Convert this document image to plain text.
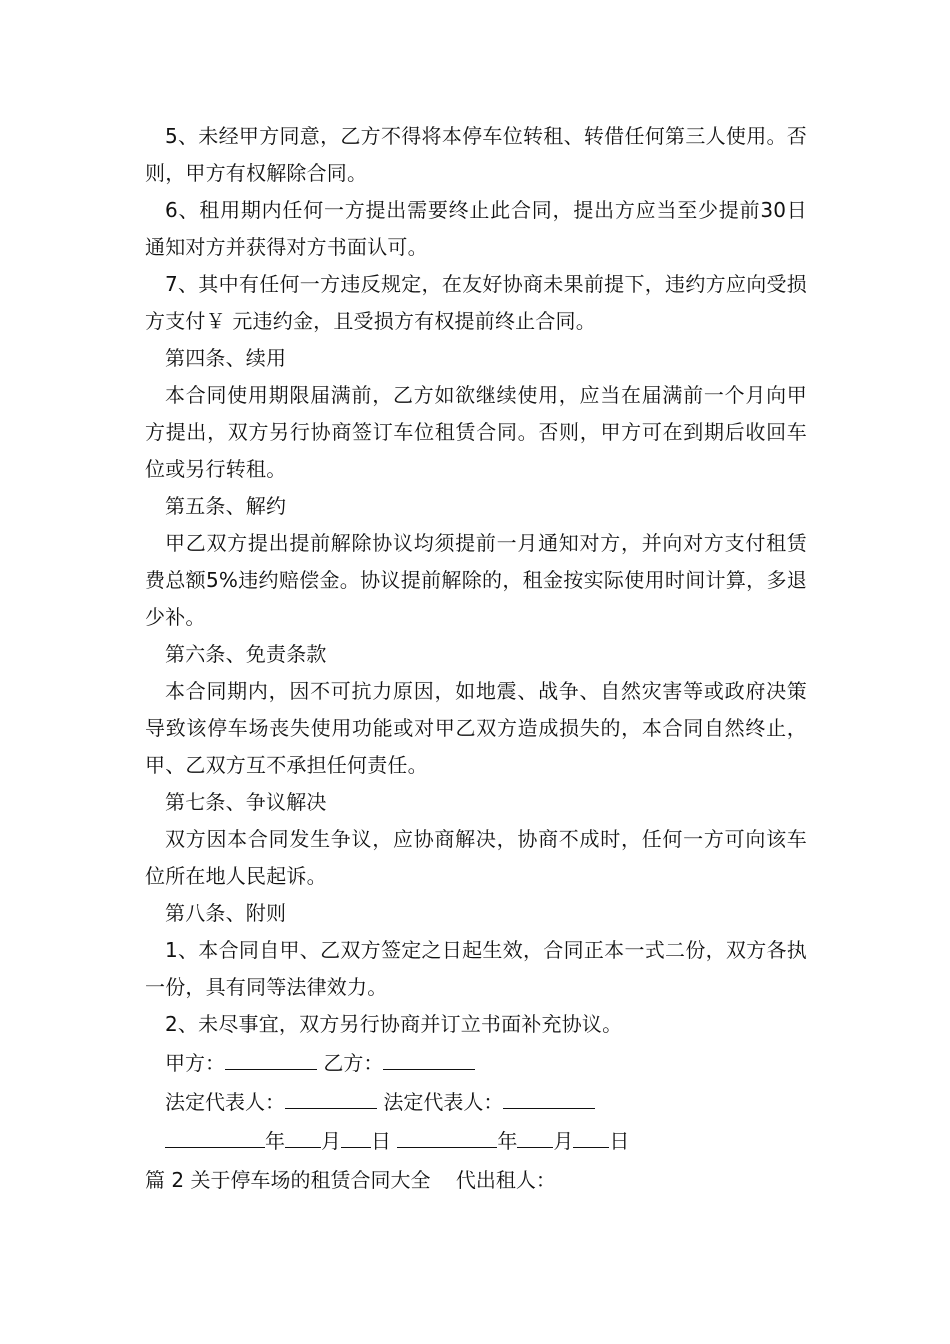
5、未经甲方同意，乙方不得将本停车位转租、转借任何第三人使用。否则，甲方有权解除合同。

6、租用期内任何一方提出需要终止此合同，提出方应当至少提前30日通知对方并获得对方书面认可。

7、其中有任何一方违反规定，在友好协商未果前提下，违约方应向受损方支付￥ 元违约金，且受损方有权提前终止合同。

第四条、续用

本合同使用期限届满前，乙方如欲继续使用，应当在届满前一个月向甲方提出，双方另行协商签订车位租赁合同。否则，甲方可在到期后收回车位或另行转租。

第五条、解约

甲乙双方提出提前解除协议均须提前一月通知对方，并向对方支付租赁费总额5%违约赔偿金。协议提前解除的，租金按实际使用时间计算，多退少补。

第六条、免责条款

本合同期内，因不可抗力原因，如地震、战争、自然灾害等或政府决策导致该停车场丧失使用功能或对甲乙双方造成损失的，本合同自然终止，甲、乙双方互不承担任何责任。

第七条、争议解决

双方因本合同发生争议，应协商解决，协商不成时，任何一方可向该车位所在地人民起诉。

第八条、附则

1、本合同自甲、乙双方签定之日起生效，合同正本一式二份，双方各执一份，具有同等法律效力。

2、未尽事宜，双方另行协商并订立书面补充协议。

甲方：	乙方：
法定代表人：	法定代表人：
年 月 日	年 月 日
篇 2 关于停车场的租赁合同大全    代出租人：
